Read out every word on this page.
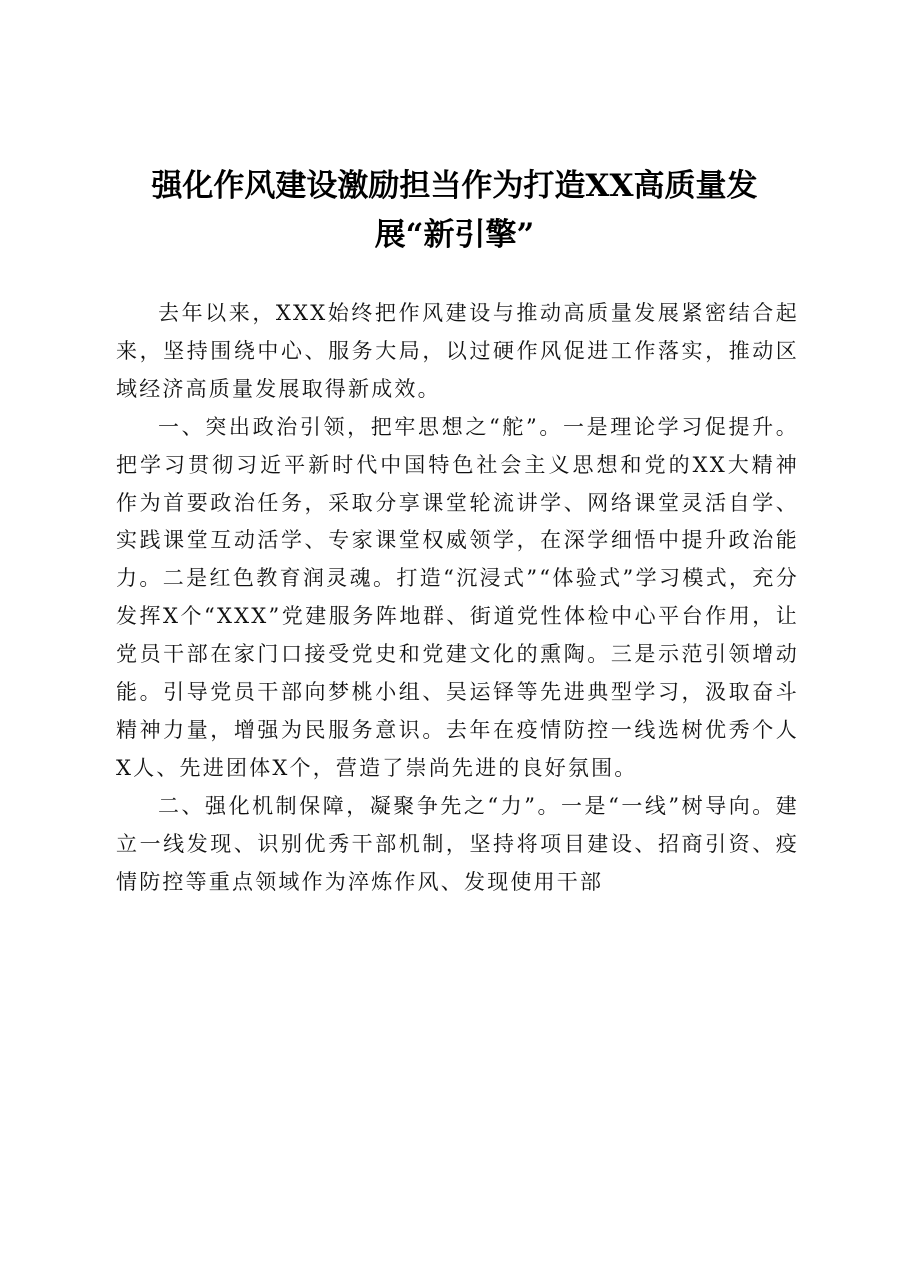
强化作风建设激励担当作为打造XX高质量发
展“新引擎”

去年以来，XXX始终把作风建设与推动高质量发展紧密结合起来，坚持围绕中心、服务大局，以过硬作风促进工作落实，推动区域经济高质量发展取得新成效。

一、突出政治引领，把牢思想之“舵”。一是理论学习促提升。把学习贯彻习近平新时代中国特色社会主义思想和党的XX大精神作为首要政治任务，采取分享课堂轮流讲学、网络课堂灵活自学、实践课堂互动活学、专家课堂权威领学，在深学细悟中提升政治能力。二是红色教育润灵魂。打造“沉浸式”“体验式”学习模式，充分发挥X个“XXX”党建服务阵地群、街道党性体检中心平台作用，让党员干部在家门口接受党史和党建文化的熏陶。三是示范引领增动能。引导党员干部向梦桃小组、吴运铎等先进典型学习，汲取奋斗精神力量，增强为民服务意识。去年在疫情防控一线选树优秀个人X人、先进团体X个，营造了崇尚先进的良好氛围。

二、强化机制保障，凝聚争先之“力”。一是“一线”树导向。建立一线发现、识别优秀干部机制，坚持将项目建设、招商引资、疫情防控等重点领域作为淬炼作风、发现使用干部
